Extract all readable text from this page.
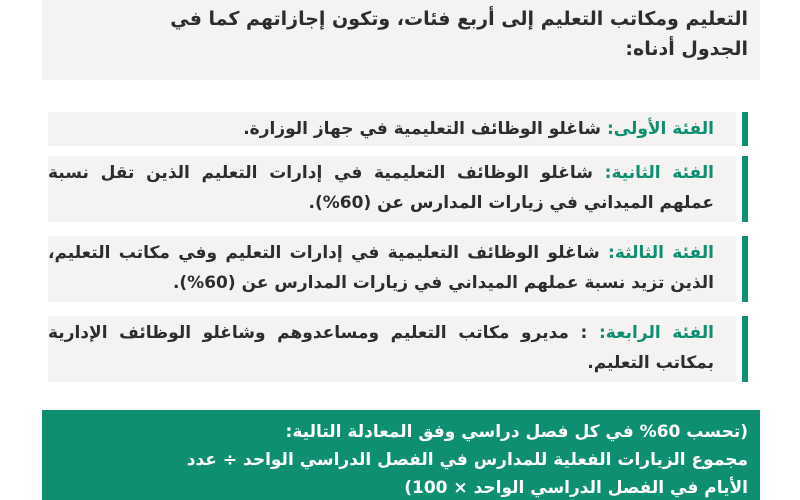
التعليم ومكاتب التعليم إلى أربع فئات، وتكون إجازاتهم كما في
الجدول أدناه:
الفئة الأولى: شاغلو الوظائف التعليمية في جهاز الوزارة.
الفئة الثانية: شاغلو الوظائف التعليمية في إدارات التعليم الذين تقل نسبة عملهم الميداني في زيارات المدارس عن (60%).
الفئة الثالثة: شاغلو الوظائف التعليمية في إدارات التعليم وفي مكاتب التعليم، الذين تزيد نسبة عملهم الميداني في زيارات المدارس عن (60%).
الفئة الرابعة: : مديرو مكاتب التعليم ومساعدوهم وشاغلو الوظائف الإدارية بمكاتب التعليم.
(تحسب 60% في كل فصل دراسي وفق المعادلة التالية:
مجموع الزيارات الفعلية للمدارس في الفصل الدراسي الواحد ÷ عدد
الأيام في الفصل الدراسي الواحد × 100)
